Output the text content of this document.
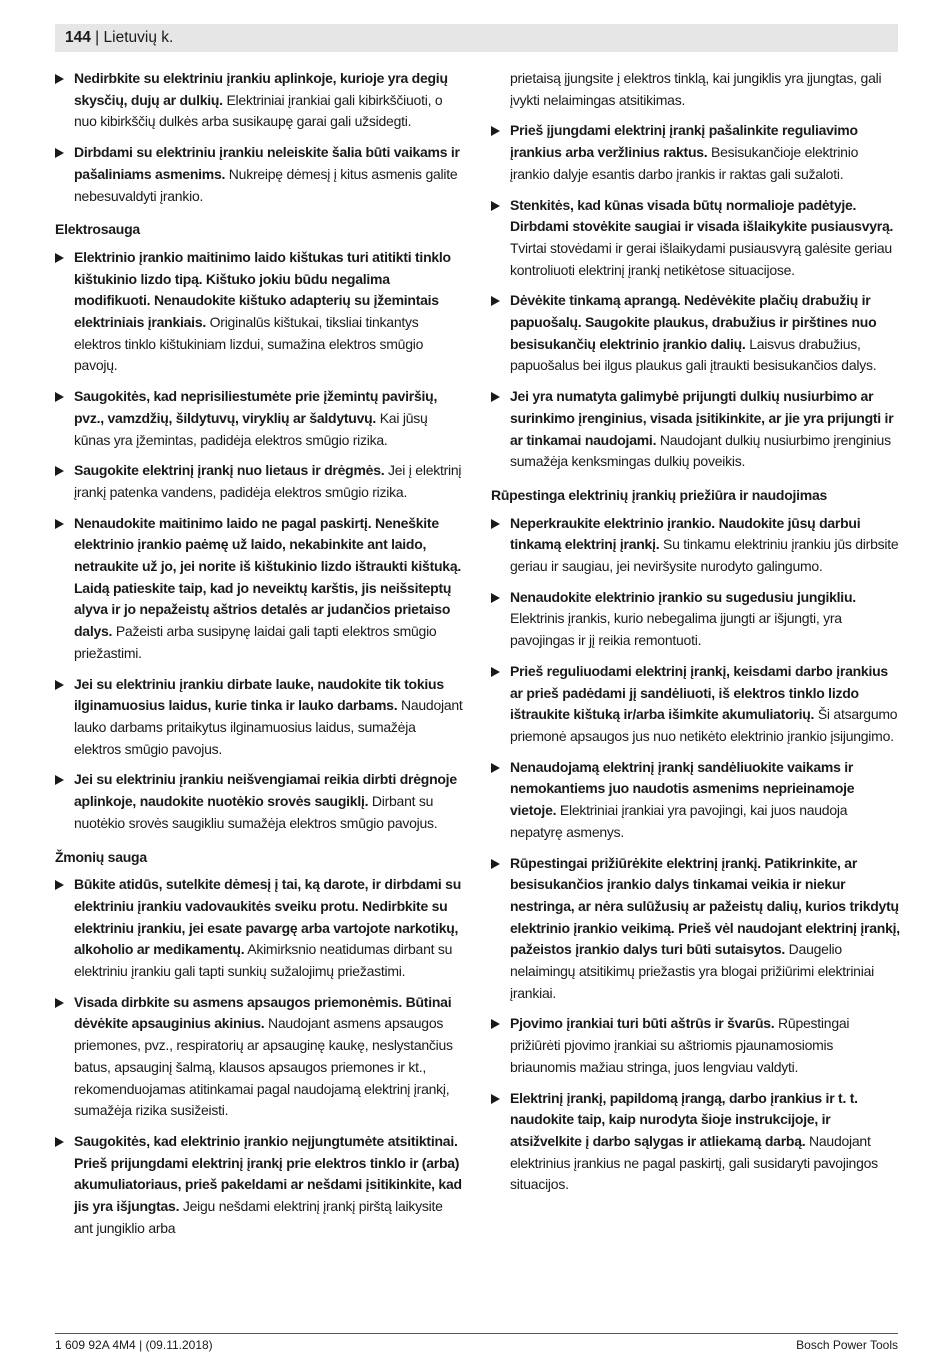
144 | Lietuvių k.
Nedirbkite su elektriniu įrankiu aplinkoje, kurioje yra degių skysčių, dujų ar dulkių. Elektriniai įrankiai gali kibirkščiuoti, o nuo kibirkščių dulkės arba susikaupę garai gali užsidegti.
Dirbdami su elektriniu įrankiu neleiskite šalia būti vaikams ir pašaliniams asmenims. Nukreipę dėmesį į kitus asmenis galite nebesuvaldyti įrankio.
Elektrosauga
Elektrinio įrankio maitinimo laido kištukas turi atitikti tinklo kištukinio lizdo tipą. Kištuko jokiu būdu negalima modifikuoti. Nenaudokite kištuko adapterių su įžemintais elektriniais įrankiais. Originalūs kištukai, tiksliai tinkantys elektros tinklo kištukiniam lizdui, sumažina elektros smūgio pavojų.
Saugokitės, kad neprisiliestumėte prie įžemintų paviršių, pvz., vamzdžių, šildytuvų, viryklių ar šaldytuvų. Kai jūsų kūnas yra įžemintas, padidėja elektros smūgio rizika.
Saugokite elektrinį įrankį nuo lietaus ir drėgmės. Jei į elektrinį įrankį patenka vandens, padidėja elektros smūgio rizika.
Nenaudokite maitinimo laido ne pagal paskirtį. Neneškite elektrinio įrankio paėmę už laido, nekabinkite ant laido, netraukite už jo, jei norite iš kištukinio lizdo ištraukti kištuką. Laidą patieskite taip, kad jo neveiktų karštis, jis neišsiteptų alyva ir jo nepažeistų aštrios detalės ar judančios prietaiso dalys. Pažeisti arba susipynę laidai gali tapti elektros smūgio priežastimi.
Jei su elektriniu įrankiu dirbate lauke, naudokite tik tokius ilginamuosius laidus, kurie tinka ir lauko darbams. Naudojant lauko darbams pritaikytus ilginamuosius laidus, sumažėja elektros smūgio pavojus.
Jei su elektriniu įrankiu neišvengiamai reikia dirbti drėgnoje aplinkoje, naudokite nuotėkio srovės saugiklį. Dirbant su nuotėkio srovės saugikliu sumažėja elektros smūgio pavojus.
Žmonių sauga
Būkite atidūs, sutelkite dėmesį į tai, ką darote, ir dirbdami su elektriniu įrankiu vadovaukitės sveiku protu. Nedirbkite su elektriniu įrankiu, jei esate pavargę arba vartojote narkotikų, alkoholio ar medikamentų. Akimirksnio neatidumas dirbant su elektriniu įrankiu gali tapti sunkių sužalojimų priežastimi.
Visada dirbkite su asmens apsaugos priemonėmis. Būtinai dėvėkite apsauginius akinius. Naudojant asmens apsaugos priemones, pvz., respiratorių ar apsauginę kaukę, neslystančius batus, apsauginį šalmą, klausos apsaugos priemones ir kt., rekomenduojamas atitinkamai pagal naudojamą elektrinį įrankį, sumažėja rizika susižeisti.
Saugokitės, kad elektrinio įrankio neįjungtumėte atsitiktinai. Prieš prijungdami elektrinį įrankį prie elektros tinklo ir (arba) akumuliatoriaus, prieš pakeldami ar nešdami įsitikinkite, kad jis yra išjungtas. Jeigu nešdami elektrinį įrankį pirštą laikysite ant jungiklio arba
prietaisą įjungsite į elektros tinklą, kai jungiklis yra įjungtas, gali įvykti nelaimingas atsitikimas.
Prieš įjungdami elektrinį įrankį pašalinkite reguliavimo įrankius arba veržlinius raktus. Besisukančioje elektrinio įrankio dalyje esantis darbo įrankis ir raktas gali sužaloti.
Stenkitės, kad kūnas visada būtų normalioje padėtyje. Dirbdami stovėkite saugiai ir visada išlaikykite pusiausvyrą. Tvirtai stovėdami ir gerai išlaikydami pusiausvyrą galėsite geriau kontroliuoti elektrinį įrankį netikėtose situacijose.
Dėvėkite tinkamą aprangą. Nedėvėkite plačių drabužių ir papuošalų. Saugokite plaukus, drabužius ir pirštines nuo besisukančių elektrinio įrankio dalių. Laisvus drabužius, papuošalus bei ilgus plaukus gali įtraukti besisukančios dalys.
Jei yra numatyta galimybė prijungti dulkių nusiurbimo ar surinkimo įrenginius, visada įsitikinkite, ar jie yra prijungti ir ar tinkamai naudojami. Naudojant dulkių nusiurbimo įrenginius sumažėja kenksmingas dulkių poveikis.
Rūpestinga elektrinių įrankių priežiūra ir naudojimas
Neperkraukite elektrinio įrankio. Naudokite jūsų darbui tinkamą elektrinį įrankį. Su tinkamu elektriniu įrankiu jūs dirbsite geriau ir saugiau, jei neviršysite nurodyto galingumo.
Nenaudokite elektrinio įrankio su sugedusiu jungikliu. Elektrinis įrankis, kurio nebegalima įjungti ar išjungti, yra pavojingas ir jį reikia remontuoti.
Prieš reguliuodami elektrinį įrankį, keisdami darbo įrankius ar prieš padėdami jį sandėliuoti, iš elektros tinklo lizdo ištraukite kištuką ir/arba išimkite akumuliatorių. Ši atsargumo priemonė apsaugos jus nuo netikėto elektrinio įrankio įsijungimo.
Nenaudojamą elektrinį įrankį sandėliuokite vaikams ir nemokantiems juo naudotis asmenims neprieinamoje vietoje. Elektriniai įrankiai yra pavojingi, kai juos naudoja nepatyrę asmenys.
Rūpestingai prižiūrėkite elektrinį įrankį. Patikrinkite, ar besisukančios įrankio dalys tinkamai veikia ir niekur nestringa, ar nėra sulūžusių ar pažeistų dalių, kurios trikdytų elektrinio įrankio veikimą. Prieš vėl naudojant elektrinį įrankį, pažeistos įrankio dalys turi būti sutaisytos. Daugelio nelaimingų atsitikimų priežastis yra blogai prižiūrimi elektriniai įrankiai.
Pjovimo įrankiai turi būti aštrūs ir švarūs. Rūpestingai prižiūrėti pjovimo įrankiai su aštriomis pjaunamosiomis briaunomis mažiau stringa, juos lengviau valdyti.
Elektrinį įrankį, papildomą įrangą, darbo įrankius ir t. t. naudokite taip, kaip nurodyta šioje instrukcijoje, ir atsižvelkite į darbo sąlygas ir atliekamą darbą. Naudojant elektrinius įrankius ne pagal paskirtį, gali susidaryti pavojingos situacijos.
1 609 92A 4M4 | (09.11.2018)	Bosch Power Tools
